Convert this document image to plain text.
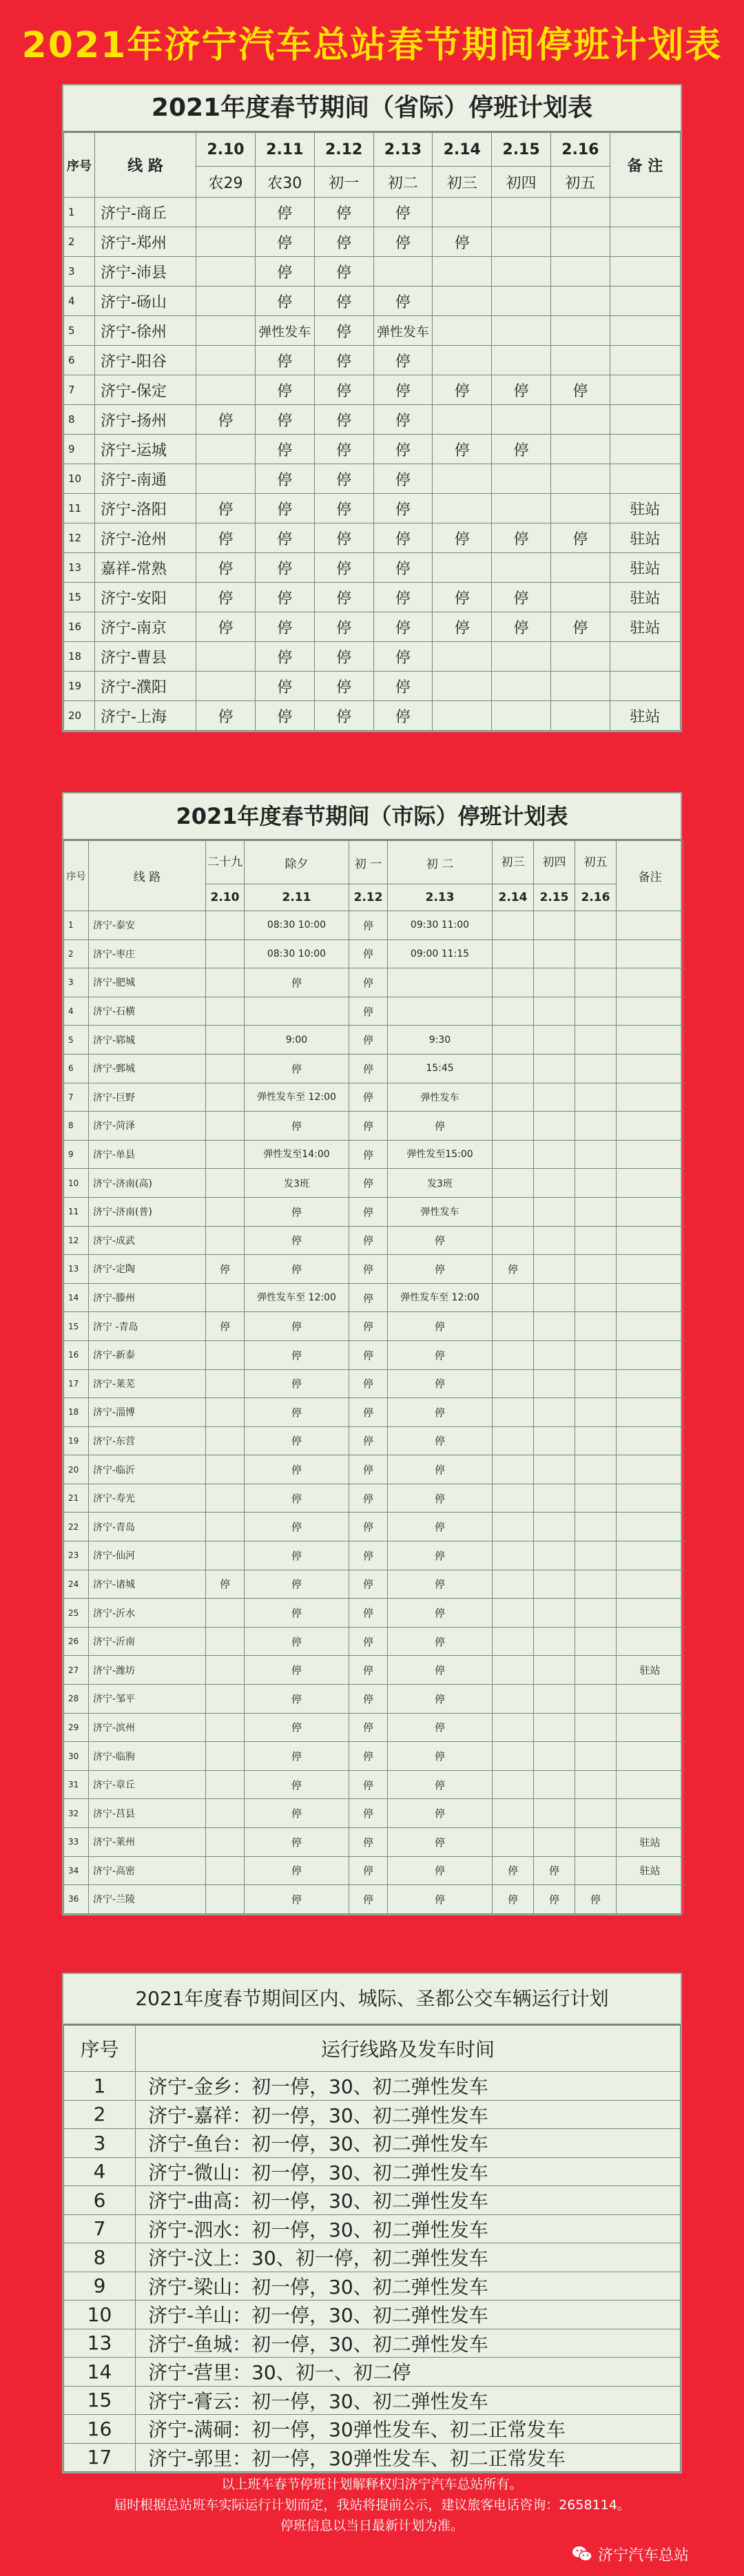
2021年济宁汽车总站春节期间停班计划表
2021年度春节期间（省际）停班计划表
序号	线 路	2.10	2.11	2.12	2.13	2.14	2.15	2.16	备 注
		农29	农30	初一	初二	初三	初四	初五	
1	济宁-商丘		停	停	停				
2	济宁-郑州		停	停	停	停			
3	济宁-沛县		停	停					
4	济宁-砀山		停	停	停				
5	济宁-徐州		弹性发车	停	弹性发车				
6	济宁-阳谷		停	停	停				
7	济宁-保定		停	停	停	停	停	停	
8	济宁-扬州	停	停	停	停				
9	济宁-运城		停	停	停	停	停		
10	济宁-南通		停	停	停				
11	济宁-洛阳	停	停	停	停				驻站
12	济宁-沧州	停	停	停	停	停	停	停	驻站
13	嘉祥-常熟	停	停	停	停				驻站
15	济宁-安阳	停	停	停	停	停	停		驻站
16	济宁-南京	停	停	停	停	停	停	停	驻站
18	济宁-曹县		停	停	停				
19	济宁-濮阳		停	停	停				
20	济宁-上海	停	停	停	停				驻站
2021年度春节期间（市际）停班计划表
序号	线 路	二十九	除夕	初 一	初 二	初三	初四	初五	备注
		2.10	2.11	2.12	2.13	2.14	2.15	2.16	
1	济宁-泰安		08:30 10:00	停	09:30 11:00				
2	济宁-枣庄		08:30 10:00	停	09:00 11:15				
3	济宁-肥城		停	停					
4	济宁-石横			停					
5	济宁-郓城		9:00	停	9:30				
6	济宁-鄄城		停	停	15:45				
7	济宁-巨野		弹性发车至 12:00	停	弹性发车				
8	济宁-菏泽		停	停	停				
9	济宁-单县		弹性发至14:00	停	弹性发至15:00				
10	济宁-济南(高)		发3班	停	发3班				
11	济宁-济南(普)		停	停	弹性发车				
12	济宁-成武		停	停	停				
13	济宁-定陶	停	停	停	停	停			
14	济宁-滕州		弹性发车至 12:00	停	弹性发车至 12:00				
15	济宁 -青岛	停	停	停	停				
16	济宁-新泰		停	停	停				
17	济宁-莱芜		停	停	停				
18	济宁-淄博		停	停	停				
19	济宁-东营		停	停	停				
20	济宁-临沂		停	停	停				
21	济宁-寿光		停	停	停				
22	济宁-青岛		停	停	停				
23	济宁-仙河		停	停	停				
24	济宁-诸城	停	停	停	停				
25	济宁-沂水		停	停	停				
26	济宁-沂南		停	停	停				
27	济宁-潍坊		停	停	停				驻站
28	济宁-邹平		停	停	停				
29	济宁-滨州		停	停	停				
30	济宁-临朐		停	停	停				
31	济宁-章丘		停	停	停				
32	济宁-莒县		停	停	停				
33	济宁-莱州		停	停	停				驻站
34	济宁-高密		停	停	停	停	停		驻站
36	济宁-兰陵		停	停	停	停	停	停	
2021年度春节期间区内、城际、圣都公交车辆运行计划
序号	运行线路及发车时间
1	济宁-金乡：初一停，30、初二弹性发车
2	济宁-嘉祥：初一停，30、初二弹性发车
3	济宁-鱼台：初一停，30、初二弹性发车
4	济宁-微山：初一停，30、初二弹性发车
6	济宁-曲高：初一停，30、初二弹性发车
7	济宁-泗水：初一停，30、初二弹性发车
8	济宁-汶上：30、初一停，初二弹性发车
9	济宁-梁山：初一停，30、初二弹性发车
10	济宁-羊山：初一停，30、初二弹性发车
13	济宁-鱼城：初一停，30、初二弹性发车
14	济宁-营里：30、初一、初二停
15	济宁-膏云：初一停，30、初二弹性发车
16	济宁-满硐：初一停，30弹性发车、初二正常发车
17	济宁-郭里：初一停，30弹性发车、初二正常发车
以上班车春节停班计划解释权归济宁汽车总站所有。
届时根据总站班车实际运行计划而定，我站将提前公示，建议旅客电话咨询：2658114。
停班信息以当日最新计划为准。
济宁汽车总站
